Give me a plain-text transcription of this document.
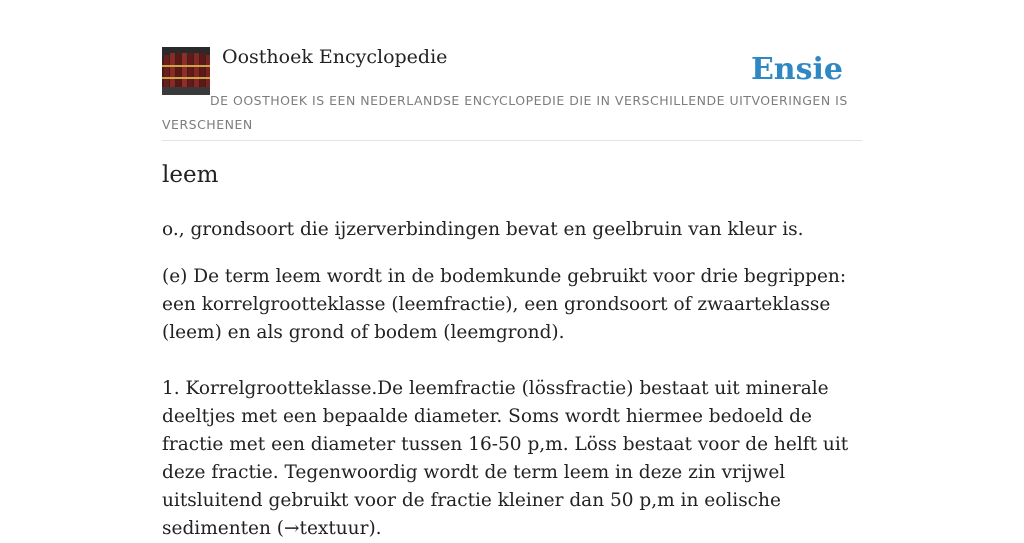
Oosthoek Encyclopedie	Ensie
DE OOSTHOEK IS EEN NEDERLANDSE ENCYCLOPEDIE DIE IN VERSCHILLENDE UITVOERINGEN IS VERSCHENEN
leem

o., grondsoort die ijzerverbindingen bevat en geelbruin van kleur is.

(e) De term leem wordt in de bodemkunde gebruikt voor drie begrippen: een korrelgrootteklasse (leemfractie), een grondsoort of zwaarteklasse (leem) en als grond of bodem (leemgrond).

1. Korrelgrootteklasse.De leemfractie (lössfractie) bestaat uit minerale deeltjes met een bepaalde diameter. Soms wordt hiermee bedoeld de fractie met een diameter tussen 16-50 p,m. Löss bestaat voor de helft uit deze fractie. Tegenwoordig wordt de term leem in deze zin vrijwel uitsluitend gebruikt voor de fractie kleiner dan 50 p,m in eolische sedimenten (→textuur).
